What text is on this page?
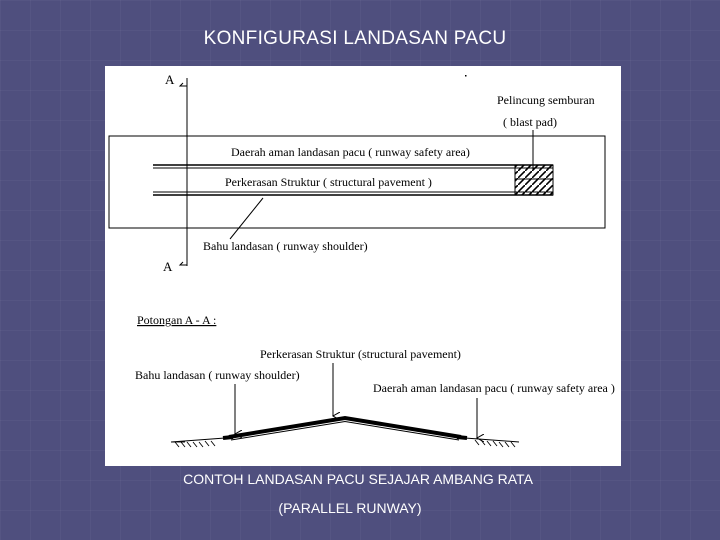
KONFIGURASI LANDASAN PACU
A
A
Pelincung semburan
( blast pad)
Daerah aman landasan pacu ( runway safety area)
Perkerasan Struktur ( structural pavement )
Bahu landasan ( runway shoulder)
Potongan A - A :
Perkerasan Struktur (structural pavement)
Bahu landasan ( runway shoulder)
Daerah aman landasan pacu ( runway safety area )
CONTOH LANDASAN PACU SEJAJAR AMBANG RATA
(PARALLEL RUNWAY)
